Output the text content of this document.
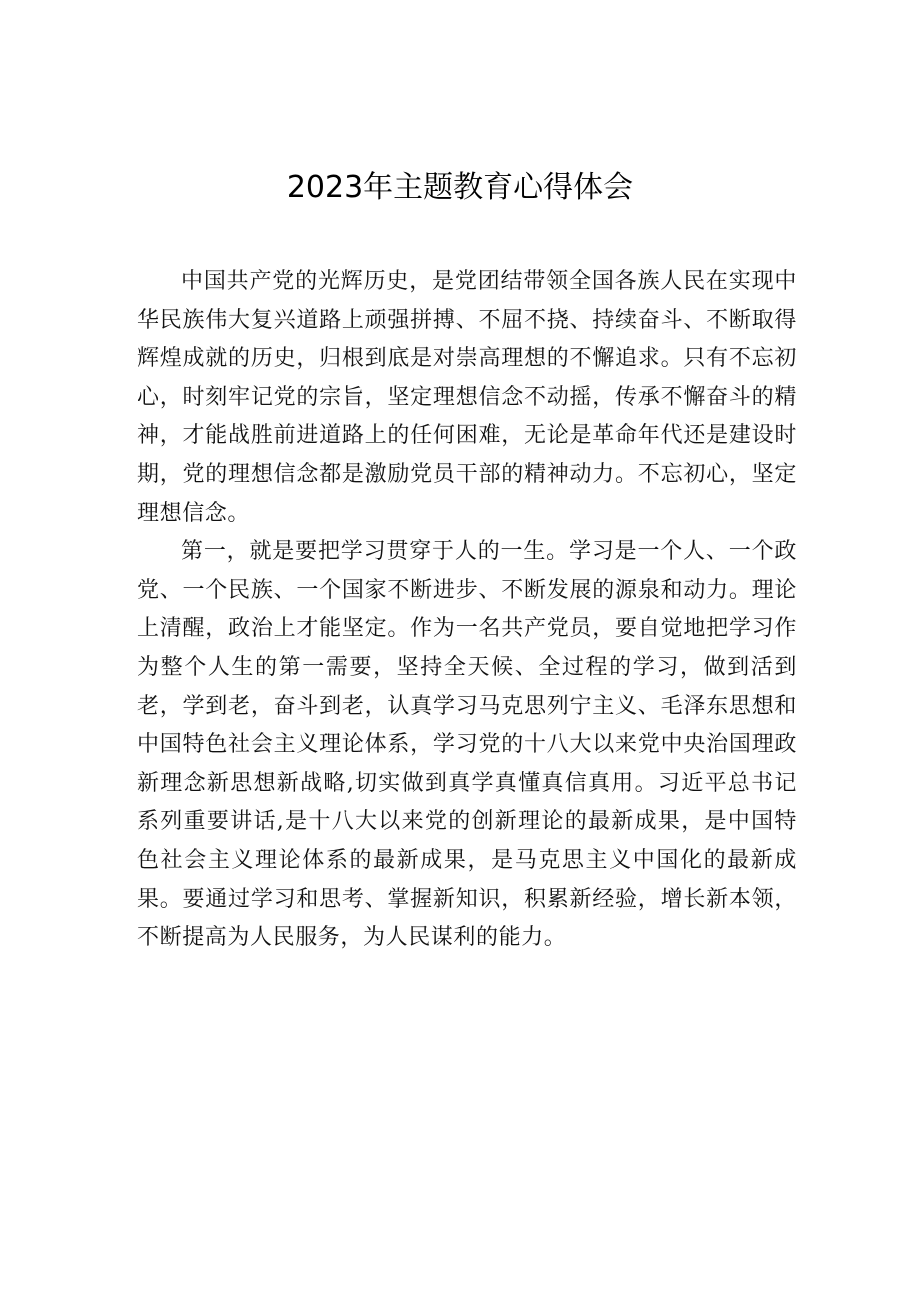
2023年主题教育心得体会

中国共产党的光辉历史，是党团结带领全国各族人民在实现中华民族伟大复兴道路上顽强拼搏、不屈不挠、持续奋斗、不断取得辉煌成就的历史，归根到底是对崇高理想的不懈追求。只有不忘初心，时刻牢记党的宗旨，坚定理想信念不动摇，传承不懈奋斗的精神，才能战胜前进道路上的任何困难，无论是革命年代还是建设时期，党的理想信念都是激励党员干部的精神动力。不忘初心，坚定理想信念。

第一，就是要把学习贯穿于人的一生。学习是一个人、一个政党、一个民族、一个国家不断进步、不断发展的源泉和动力。理论上清醒，政治上才能坚定。作为一名共产党员，要自觉地把学习作为整个人生的第一需要，坚持全天候、全过程的学习，做到活到老，学到老，奋斗到老，认真学习马克思列宁主义、毛泽东思想和中国特色社会主义理论体系，学习党的十八大以来党中央治国理政新理念新思想新战略,切实做到真学真懂真信真用。习近平总书记系列重要讲话,是十八大以来党的创新理论的最新成果，是中国特色社会主义理论体系的最新成果，是马克思主义中国化的最新成果。要通过学习和思考、掌握新知识，积累新经验，增长新本领，不断提高为人民服务，为人民谋利的能力。
